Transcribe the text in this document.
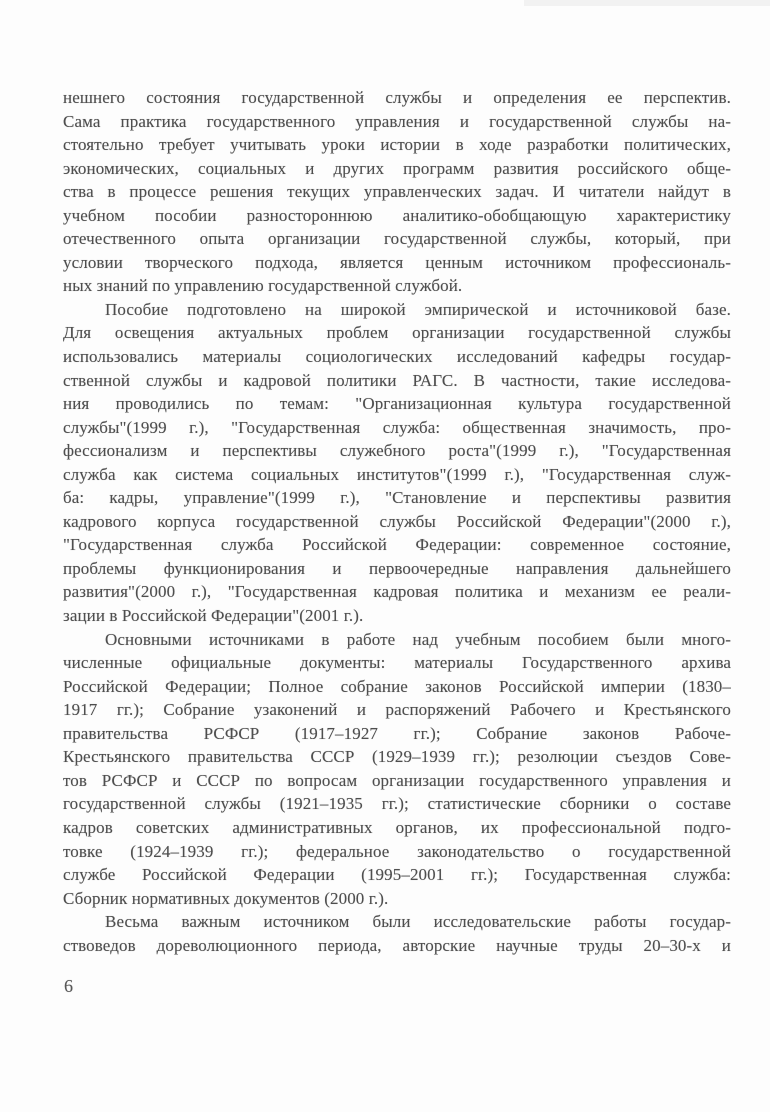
нешнего состояния государственной службы и определения ее перспектив.
Сама практика государственного управления и государственной службы на-
стоятельно требует учитывать уроки истории в ходе разработки политических,
экономических, социальных и других программ развития российского обще-
ства в процессе решения текущих управленческих задач. И читатели найдут в
учебном пособии разностороннюю аналитико-обобщающую характеристику
отечественного опыта организации государственной службы, который, при
условии творческого подхода, является ценным источником профессиональ-
ных знаний по управлению государственной службой.
Пособие подготовлено на широкой эмпирической и источниковой базе.
Для освещения актуальных проблем организации государственной службы
использовались материалы социологических исследований кафедры государ-
ственной службы и кадровой политики РАГС. В частности, такие исследова-
ния проводились по темам: "Организационная культура государственной
службы"(1999 г.), "Государственная служба: общественная значимость, про-
фессионализм и перспективы служебного роста"(1999 г.), "Государственная
служба как система социальных институтов"(1999 г.), "Государственная служ-
ба: кадры, управление"(1999 г.), "Становление и перспективы развития
кадрового корпуса государственной службы Российской Федерации"(2000 г.),
"Государственная служба Российской Федерации: современное состояние,
проблемы функционирования и первоочередные направления дальнейшего
развития"(2000 г.), "Государственная кадровая политика и механизм ее реали-
зации в Российской Федерации"(2001 г.).
Основными источниками в работе над учебным пособием были много-
численные официальные документы: материалы Государственного архива
Российской Федерации; Полное собрание законов Российской империи (1830–
1917 гг.); Собрание узаконений и распоряжений Рабочего и Крестьянского
правительства РСФСР (1917–1927 гг.); Собрание законов Рабоче-
Крестьянского правительства СССР (1929–1939 гг.); резолюции съездов Сове-
тов РСФСР и СССР по вопросам организации государственного управления и
государственной службы (1921–1935 гг.); статистические сборники о составе
кадров советских административных органов, их профессиональной подго-
товке (1924–1939 гг.); федеральное законодательство о государственной
службе Российской Федерации (1995–2001 гг.); Государственная служба:
Сборник нормативных документов (2000 г.).
Весьма важным источником были исследовательские работы государ-
ствоведов дореволюционного периода, авторские научные труды 20–30-х и
6
